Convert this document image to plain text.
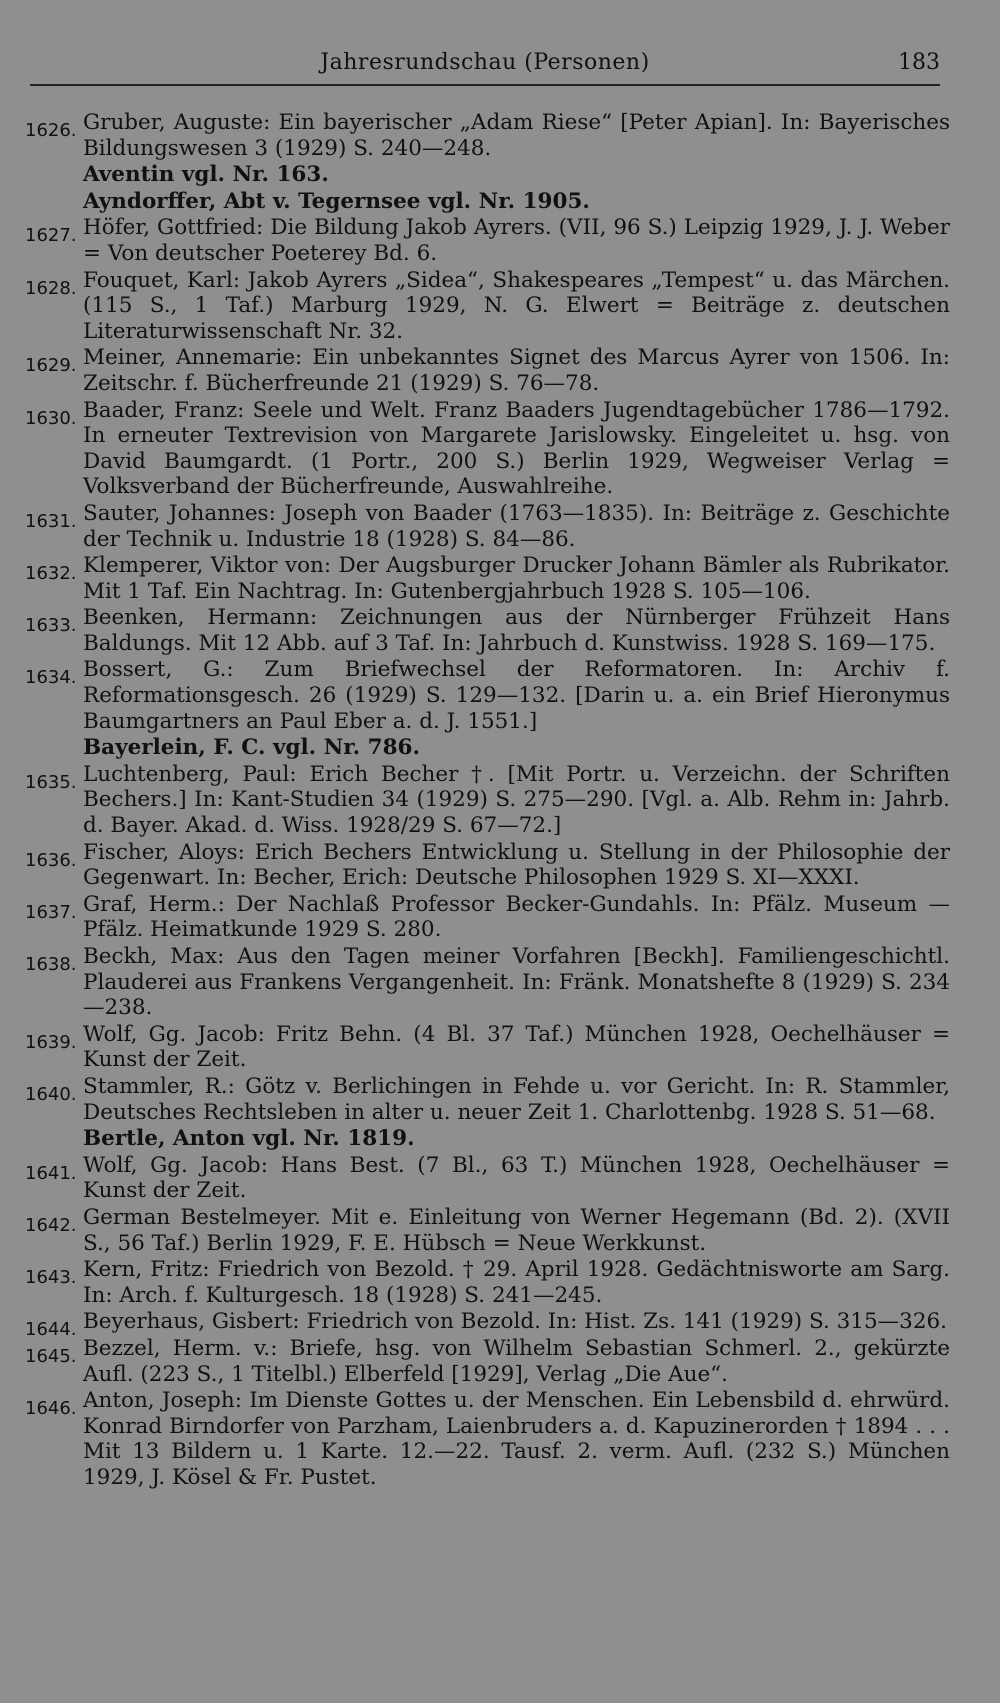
Jahresrundschau (Personen)	183
1626. Gruber, Auguste: Ein bayerischer „Adam Riese“ [Peter Apian]. In: Bayerisches Bildungswesen 3 (1929) S. 240—248.
Aventin vgl. Nr. 163.
Ayndorffer, Abt v. Tegernsee vgl. Nr. 1905.
1627. Höfer, Gottfried: Die Bildung Jakob Ayrers. (VII, 96 S.) Leipzig 1929, J. J. Weber = Von deutscher Poeterey Bd. 6.
1628. Fouquet, Karl: Jakob Ayrers „Sidea“, Shakespeares „Tempest“ u. das Märchen. (115 S., 1 Taf.) Marburg 1929, N. G. Elwert = Beiträge z. deutschen Literaturwissenschaft Nr. 32.
1629. Meiner, Annemarie: Ein unbekanntes Signet des Marcus Ayrer von 1506. In: Zeitschr. f. Bücherfreunde 21 (1929) S. 76—78.
1630. Baader, Franz: Seele und Welt. Franz Baaders Jugendtagebücher 1786—1792. In erneuter Textrevision von Margarete Jarislowsky. Eingeleitet u. hsg. von David Baumgardt. (1 Portr., 200 S.) Berlin 1929, Wegweiser Verlag = Volksverband der Bücherfreunde, Auswahlreihe.
1631. Sauter, Johannes: Joseph von Baader (1763—1835). In: Beiträge z. Geschichte der Technik u. Industrie 18 (1928) S. 84—86.
1632. Klemperer, Viktor von: Der Augsburger Drucker Johann Bämler als Rubrikator. Mit 1 Taf. Ein Nachtrag. In: Gutenbergjahrbuch 1928 S. 105—106.
1633. Beenken, Hermann: Zeichnungen aus der Nürnberger Frühzeit Hans Baldungs. Mit 12 Abb. auf 3 Taf. In: Jahrbuch d. Kunstwiss. 1928 S. 169—175.
1634. Bossert, G.: Zum Briefwechsel der Reformatoren. In: Archiv f. Reformationsgesch. 26 (1929) S. 129—132. [Darin u. a. ein Brief Hieronymus Baumgartners an Paul Eber a. d. J. 1551.]
Bayerlein, F. C. vgl. Nr. 786.
1635. Luchtenberg, Paul: Erich Becher †. [Mit Portr. u. Verzeichn. der Schriften Bechers.] In: Kant-Studien 34 (1929) S. 275—290. [Vgl. a. Alb. Rehm in: Jahrb. d. Bayer. Akad. d. Wiss. 1928/29 S. 67—72.]
1636. Fischer, Aloys: Erich Bechers Entwicklung u. Stellung in der Philosophie der Gegenwart. In: Becher, Erich: Deutsche Philosophen 1929 S. XI—XXXI.
1637. Graf, Herm.: Der Nachlaß Professor Becker-Gundahls. In: Pfälz. Museum — Pfälz. Heimatkunde 1929 S. 280.
1638. Beckh, Max: Aus den Tagen meiner Vorfahren [Beckh]. Familiengeschichtl. Plauderei aus Frankens Vergangenheit. In: Fränk. Monatshefte 8 (1929) S. 234—238.
1639. Wolf, Gg. Jacob: Fritz Behn. (4 Bl. 37 Taf.) München 1928, Oechelhäuser = Kunst der Zeit.
1640. Stammler, R.: Götz v. Berlichingen in Fehde u. vor Gericht. In: R. Stammler, Deutsches Rechtsleben in alter u. neuer Zeit 1. Charlottenbg. 1928 S. 51—68.
Bertle, Anton vgl. Nr. 1819.
1641. Wolf, Gg. Jacob: Hans Best. (7 Bl., 63 T.) München 1928, Oechelhäuser = Kunst der Zeit.
1642. German Bestelmeyer. Mit e. Einleitung von Werner Hegemann (Bd. 2). (XVII S., 56 Taf.) Berlin 1929, F. E. Hübsch = Neue Werkkunst.
1643. Kern, Fritz: Friedrich von Bezold. † 29. April 1928. Gedächtnisworte am Sarg. In: Arch. f. Kulturgesch. 18 (1928) S. 241—245.
1644. Beyerhaus, Gisbert: Friedrich von Bezold. In: Hist. Zs. 141 (1929) S. 315—326.
1645. Bezzel, Herm. v.: Briefe, hsg. von Wilhelm Sebastian Schmerl. 2., gekürzte Aufl. (223 S., 1 Titelbl.) Elberfeld [1929], Verlag „Die Aue“.
1646. Anton, Joseph: Im Dienste Gottes u. der Menschen. Ein Lebensbild d. ehrwürd. Konrad Birndorfer von Parzham, Laienbruders a. d. Kapuzinerorden † 1894 . . . Mit 13 Bildern u. 1 Karte. 12.—22. Tausf. 2. verm. Aufl. (232 S.) München 1929, J. Kösel & Fr. Pustet.
